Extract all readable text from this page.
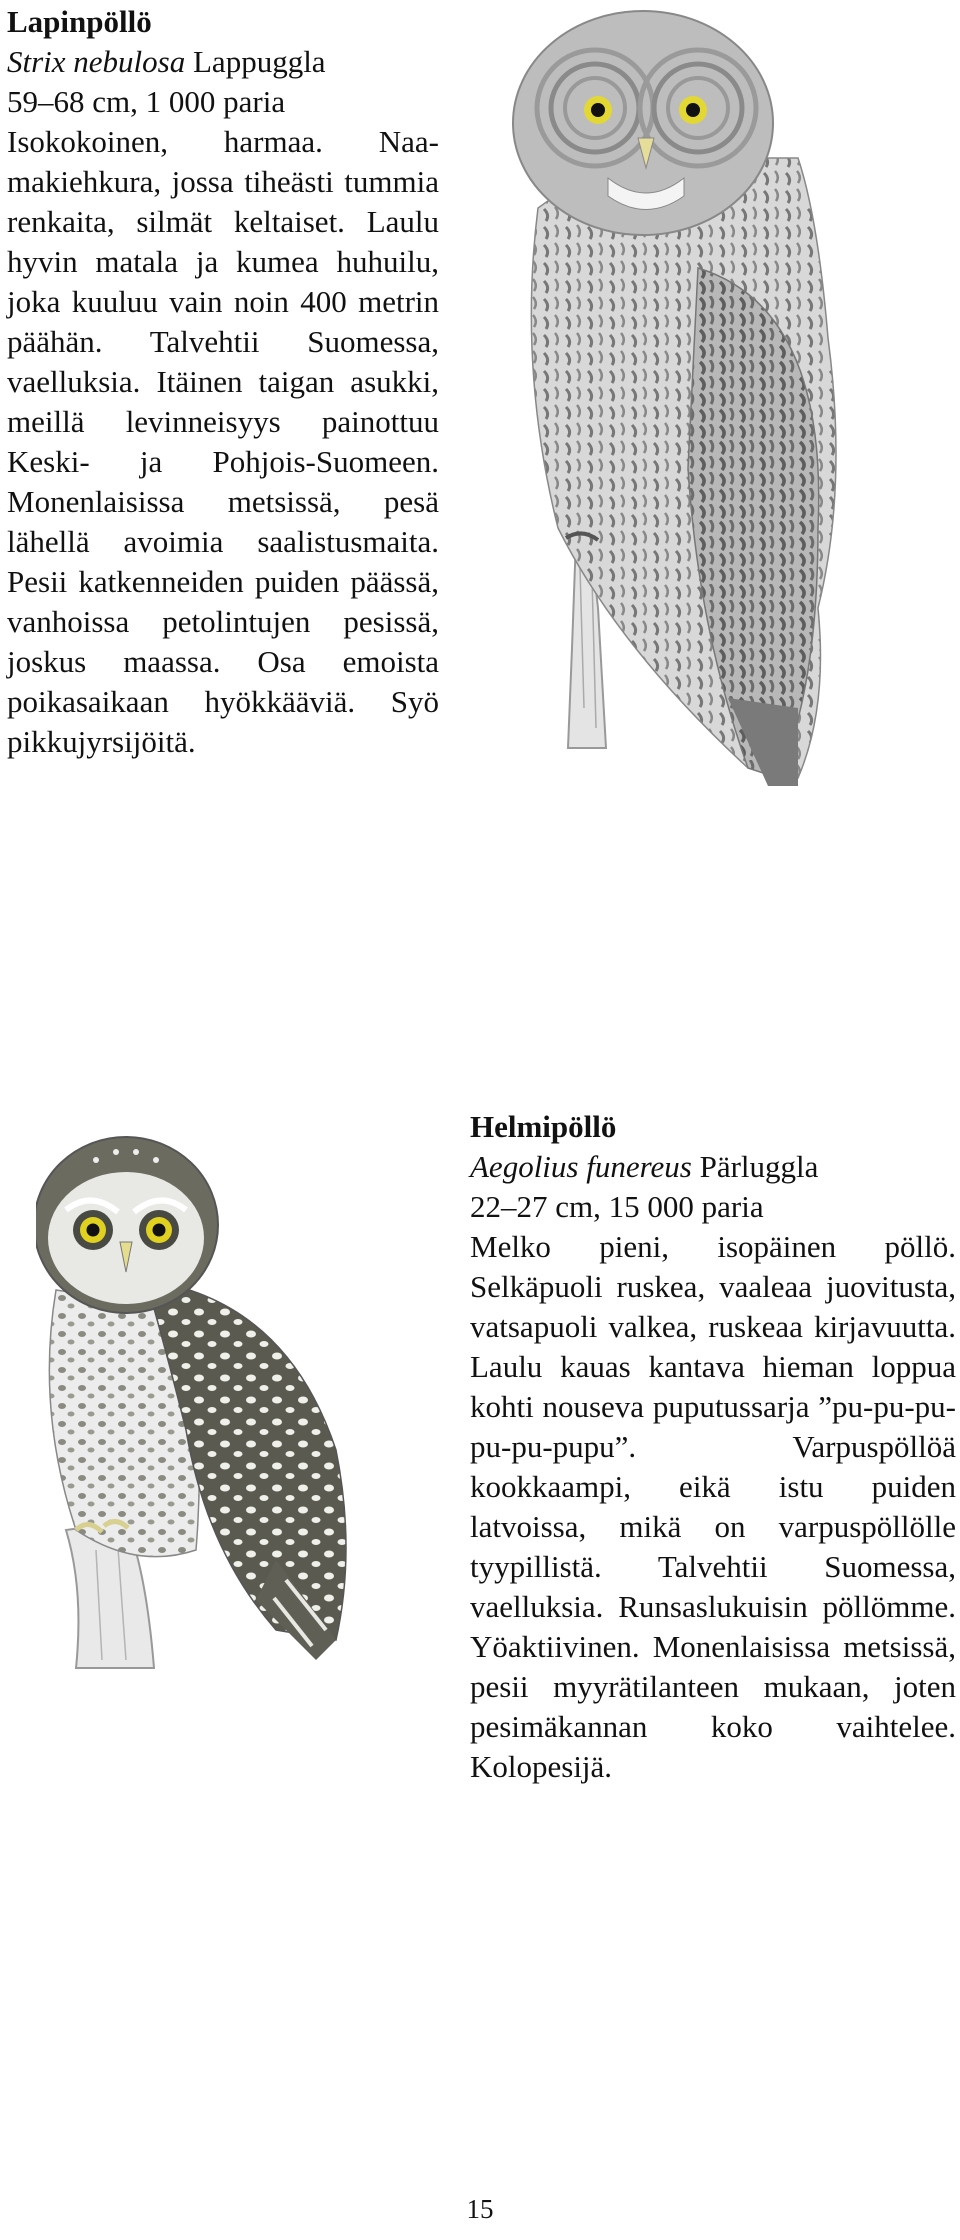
Lapinpöllö

Strix nebulosa Lappuggla

59–68 cm, 1 000 paria

Isokokoinen, harmaa. Naamakiehkura, jossa tiheästi tummia renkaita, silmät keltaiset. Laulu hyvin matala ja kumea huhuilu, joka kuuluu vain noin 400 metrin päähän. Talvehtii Suomessa, vaelluksia. Itäinen taigan asukki, meillä levinneisyys painottuu Keski- ja Pohjois-Suomeen. Monenlaisissa metsissä, pesä lähellä avoimia saalistusmaita. Pesii katkenneiden puiden päässä, vanhoissa petolintujen pesissä, joskus maassa. Osa emoista poikasaikaan hyökkääviä. Syö pikkujyrsijöitä.

Helmipöllö

Aegolius funereus Pärluggla

22–27 cm, 15 000 paria

Melko pieni, isopäinen pöllö. Selkäpuoli ruskea, vaaleaa juovitusta, vatsapuoli valkea, ruskeaa kirjavuutta. Laulu kauas kantava hieman loppua kohti nouseva puputussarja ”pu-pu-pu-pu-pu-pupu”. Varpuspöllöä kookkaampi, eikä istu puiden latvoissa, mikä on varpuspöllölle tyypillistä. Talvehtii Suomessa, vaelluksia. Runsaslukuisin pöllömme. Yöaktiivinen. Monenlaisissa metsissä, pesii myyrätilanteen mukaan, joten pesimäkannan koko vaihtelee. Kolopesijä.

15
